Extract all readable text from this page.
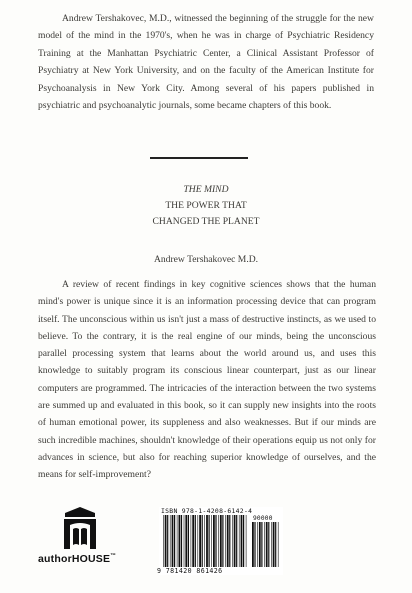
Andrew Tershakovec, M.D., witnessed the beginning of the struggle for the new model of the mind in the 1970's, when he was in charge of Psychiatric Residency Training at the Manhattan Psychiatric Center, a Clinical Assistant Professor of Psychiatry at New York University, and on the faculty of the American Institute for Psychoanalysis in New York City. Among several of his papers published in psychiatric and psychoanalytic journals, some became chapters of this book.

THE MIND
THE POWER THAT
CHANGED THE PLANET
Andrew Tershakovec M.D.

A review of recent findings in key cognitive sciences shows that the human mind's power is unique since it is an information processing device that can program itself. The unconscious within us isn't just a mass of destructive instincts, as we used to believe. To the contrary, it is the real engine of our minds, being the unconscious parallel processing system that learns about the world around us, and uses this knowledge to suitably program its conscious linear counterpart, just as our linear computers are programmed. The intricacies of the interaction between the two systems are summed up and evaluated in this book, so it can supply new insights into the roots of human emotional power, its suppleness and also weaknesses. But if our minds are such incredible machines, shouldn't knowledge of their operations equip us not only for advances in science, but also for reaching superior knowledge of ourselves, and the means for self-improvement?

authorHOUSE™
ISBN 978-1-4208-6142-4
90000
9 781420 861426
